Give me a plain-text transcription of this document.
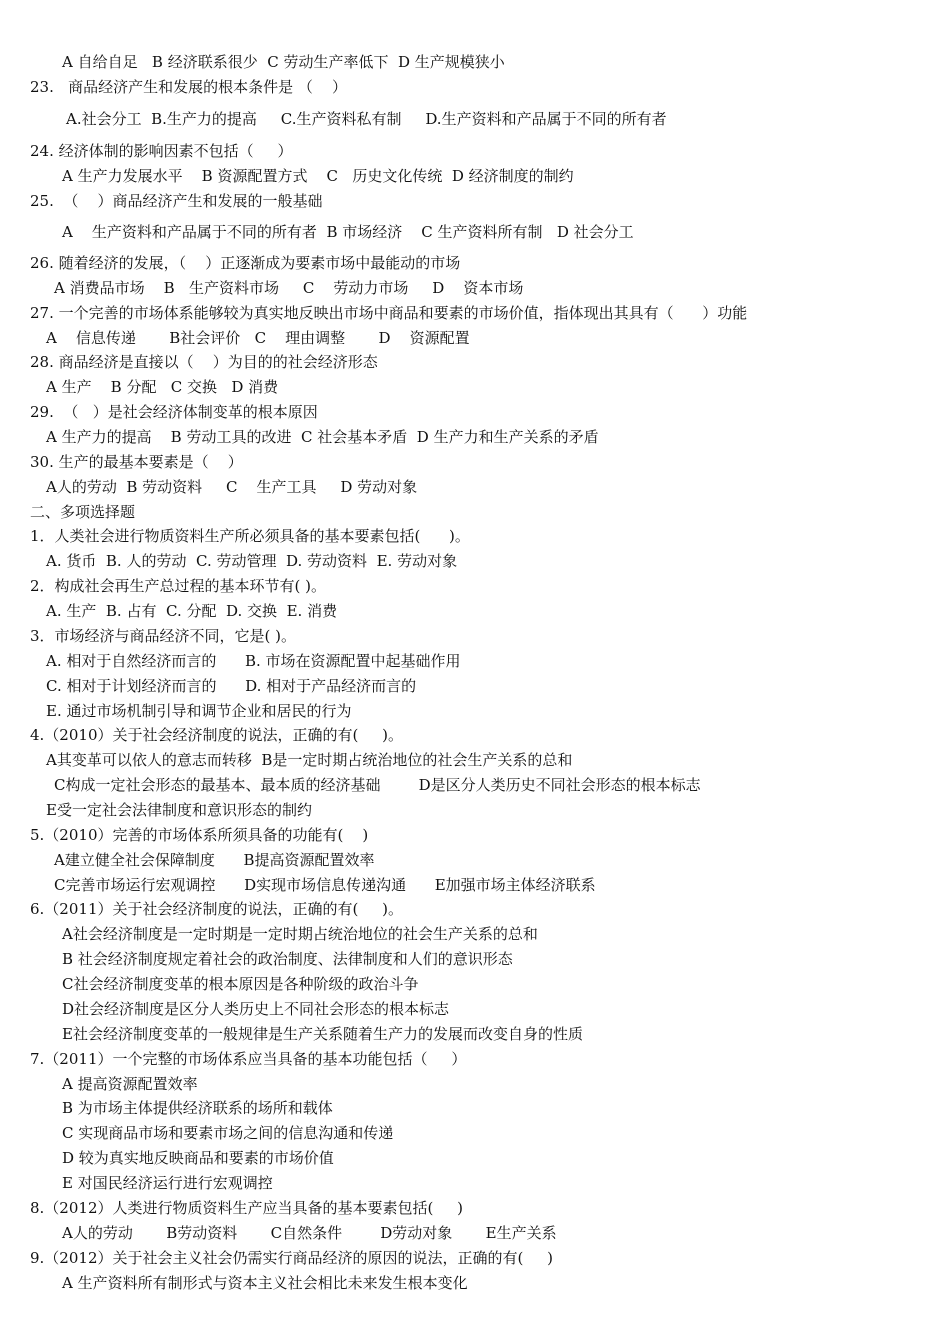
A 自给自足   B 经济联系很少  C 劳动生产率低下  D 生产规模狭小
23.   商品经济产生和发展的根本条件是 （    ）
A.社会分工  B.生产力的提高     C.生产资料私有制     D.生产资料和产品属于不同的所有者
24. 经济体制的影响因素不包括（     ）
A 生产力发展水平    B 资源配置方式    C   历史文化传统  D 经济制度的制约
25.  （    ）商品经济产生和发展的一般基础
A    生产资料和产品属于不同的所有者  B 市场经济    C 生产资料所有制   D 社会分工
26. 随着经济的发展，（    ）正逐渐成为要素市场中最能动的市场
A 消费品市场    B   生产资料市场     C    劳动力市场     D    资本市场
27. 一个完善的市场体系能够较为真实地反映出市场中商品和要素的市场价值，指体现出其具有（      ）功能
A    信息传递       B社会评价   C    理由调整       D    资源配置
28. 商品经济是直接以（    ）为目的的社会经济形态
A 生产    B 分配   C 交换   D 消费
29.  （   ）是社会经济体制变革的根本原因
A 生产力的提高    B 劳动工具的改进  C 社会基本矛盾  D 生产力和生产关系的矛盾
30. 生产的最基本要素是（    ）
A人的劳动  B 劳动资料     C    生产工具     D 劳动对象
二、多项选择题
1．人类社会进行物质资料生产所必须具备的基本要素包括(      )。
A. 货币  B. 人的劳动  C. 劳动管理  D. 劳动资料  E. 劳动对象
2．构成社会再生产总过程的基本环节有( )。
A. 生产  B. 占有  C. 分配  D. 交换  E. 消费
3．市场经济与商品经济不同，它是( )。
A. 相对于自然经济而言的      B. 市场在资源配置中起基础作用
C. 相对于计划经济而言的      D. 相对于产品经济而言的
E. 通过市场机制引导和调节企业和居民的行为
4.（2010）关于社会经济制度的说法，正确的有(     )。
A其变革可以依人的意志而转移  B是一定时期占统治地位的社会生产关系的总和
C构成一定社会形态的最基本、最本质的经济基础        D是区分人类历史不同社会形态的根本标志
E受一定社会法律制度和意识形态的制约
5.（2010）完善的市场体系所须具备的功能有(    )
A建立健全社会保障制度      B提高资源配置效率
C完善市场运行宏观调控      D实现市场信息传递沟通      E加强市场主体经济联系
6.（2011）关于社会经济制度的说法，正确的有(     )。
A社会经济制度是一定时期是一定时期占统治地位的社会生产关系的总和
B 社会经济制度规定着社会的政治制度、法律制度和人们的意识形态
C社会经济制度变革的根本原因是各种阶级的政治斗争
D社会经济制度是区分人类历史上不同社会形态的根本标志
E社会经济制度变革的一般规律是生产关系随着生产力的发展而改变自身的性质
7.（2011）一个完整的市场体系应当具备的基本功能包括（     ）
A 提高资源配置效率
B 为市场主体提供经济联系的场所和载体
C 实现商品市场和要素市场之间的信息沟通和传递
D 较为真实地反映商品和要素的市场价值
E 对国民经济运行进行宏观调控
8.（2012）人类进行物质资料生产应当具备的基本要素包括(     )
A人的劳动       B劳动资料       C自然条件        D劳动对象       E生产关系
9.（2012）关于社会主义社会仍需实行商品经济的原因的说法，正确的有(     )
A 生产资料所有制形式与资本主义社会相比未来发生根本变化
